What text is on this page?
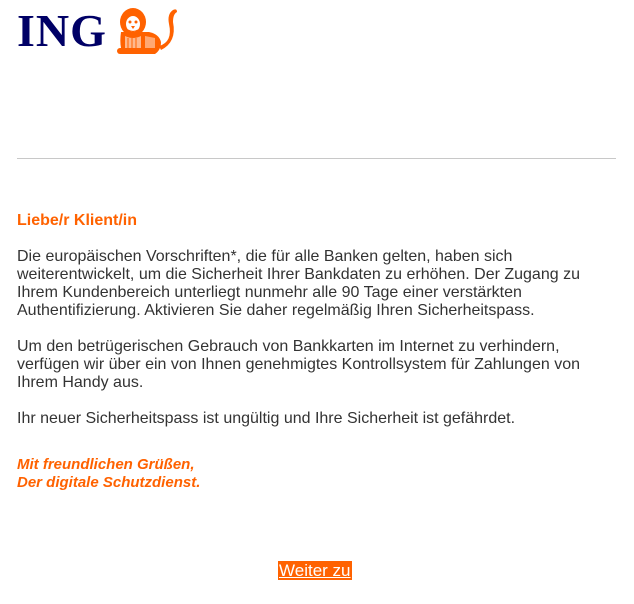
ING
Liebe/r Klient/in

Die europäischen Vorschriften*, die für alle Banken gelten, haben sich weiterentwickelt, um die Sicherheit Ihrer Bankdaten zu erhöhen. Der Zugang zu Ihrem Kundenbereich unterliegt nunmehr alle 90 Tage einer verstärkten Authentifizierung. Aktivieren Sie daher regelmäßig Ihren Sicherheitspass.

Um den betrügerischen Gebrauch von Bankkarten im Internet zu verhindern, verfügen wir über ein von Ihnen genehmigtes Kontrollsystem für Zahlungen von Ihrem Handy aus.

Ihr neuer Sicherheitspass ist ungültig und Ihre Sicherheit ist gefährdet.

Mit freundlichen Grüßen,
Der digitale Schutzdienst.
Weiter zu
